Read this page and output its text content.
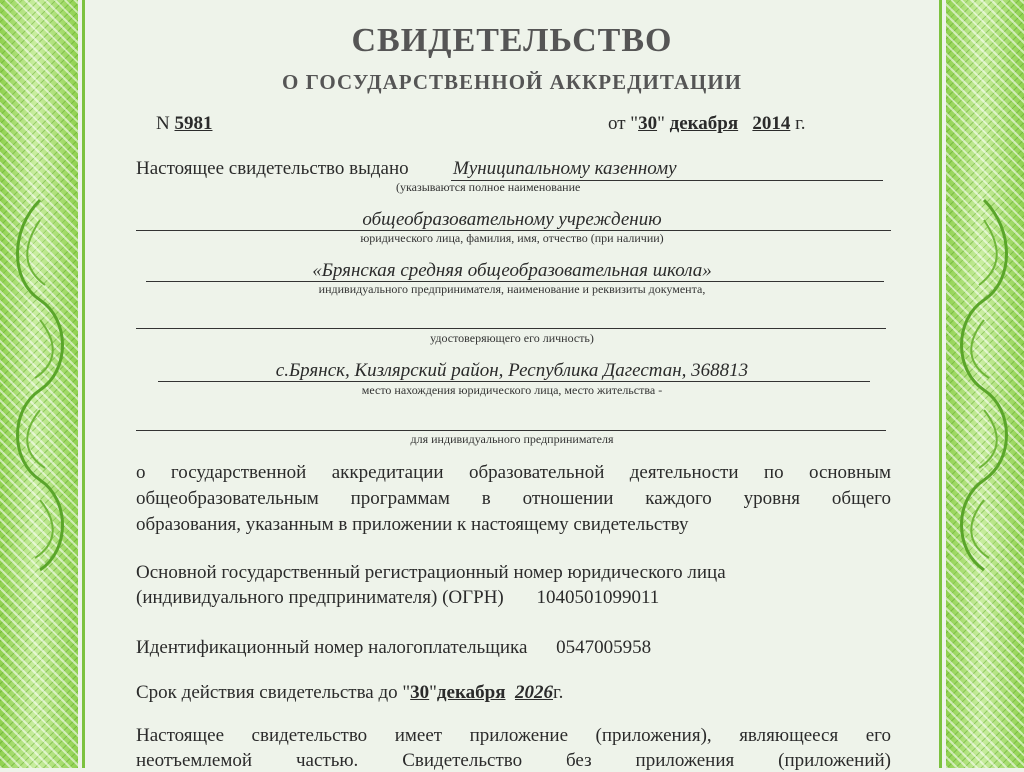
СВИДЕТЕЛЬСТВО
О ГОСУДАРСТВЕННОЙ АККРЕДИТАЦИИ
N 5981	от "30" декабря 2014 г.
Настоящее свидетельство выдано Муниципальному казенному
(указываются полное наименование
общеобразовательному учреждению
юридического лица, фамилия, имя, отчество (при наличии)
«Брянская средняя общеобразовательная школа»
индивидуального предпринимателя, наименование и реквизиты документа,
удостоверяющего его личность)
с.Брянск, Кизлярский район, Республика Дагестан, 368813
место нахождения юридического лица, место жительства -
для индивидуального предпринимателя
о государственной аккредитации образовательной деятельности по основным
общеобразовательным программам в отношении каждого уровня общего
образования, указанным в приложении к настоящему свидетельству
Основной государственный регистрационный номер юридического лица
(индивидуального предпринимателя) (ОГРН) 1040501099011
Идентификационный номер налогоплательщика 0547005958
Срок действия свидетельства до "30"декабря 2026г.
Настоящее свидетельство имеет приложение (приложения), являющееся его
неотъемлемой частью. Свидетельство без приложения (приложений)
